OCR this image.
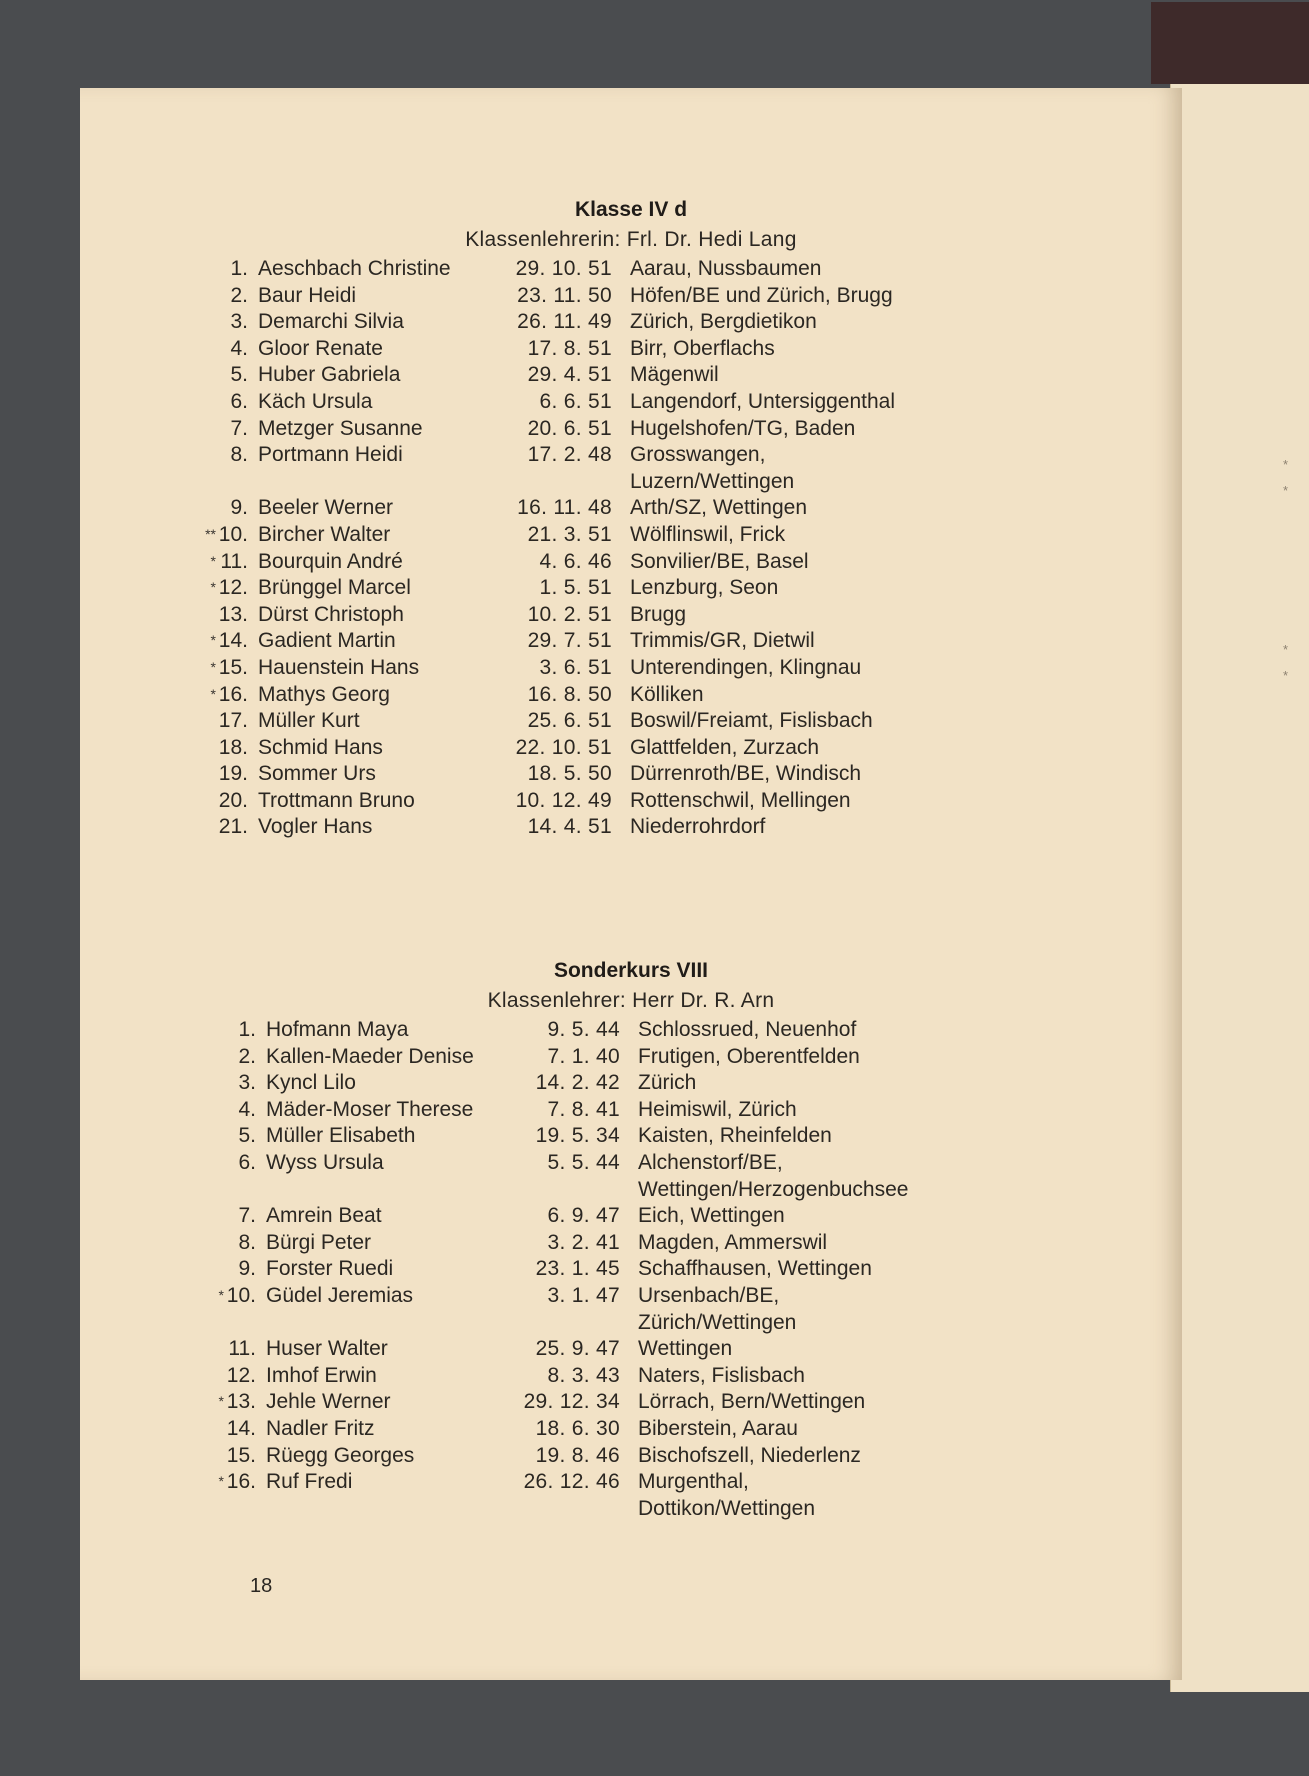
*
*
*
*
Klasse IV d
Klassenlehrerin: Frl. Dr. Hedi Lang
1. Aeschbach Christine	29. 10. 51 Aarau, Nussbaumen
2. Baur Heidi	23. 11. 50 Höfen/BE und Zürich, Brugg
3. Demarchi Silvia	26. 11. 49 Zürich, Bergdietikon
4. Gloor Renate	17. 8. 51 Birr, Oberflachs
5. Huber Gabriela	29. 4. 51 Mägenwil
6. Käch Ursula	6. 6. 51 Langendorf, Untersiggenthal
7. Metzger Susanne	20. 6. 51 Hugelshofen/TG, Baden
8. Portmann Heidi	17. 2. 48 Grosswangen,
Luzern/Wettingen
9. Beeler Werner	16. 11. 48 Arth/SZ, Wettingen
** 10. Bircher Walter	21. 3. 51 Wölflinswil, Frick
* 11. Bourquin André	4. 6. 46 Sonvilier/BE, Basel
* 12. Brünggel Marcel	1. 5. 51 Lenzburg, Seon
13. Dürst Christoph	10. 2. 51 Brugg
* 14. Gadient Martin	29. 7. 51 Trimmis/GR, Dietwil
* 15. Hauenstein Hans	3. 6. 51 Unterendingen, Klingnau
* 16. Mathys Georg	16. 8. 50 Kölliken
17. Müller Kurt	25. 6. 51 Boswil/Freiamt, Fislisbach
18. Schmid Hans	22. 10. 51 Glattfelden, Zurzach
19. Sommer Urs	18. 5. 50 Dürrenroth/BE, Windisch
20. Trottmann Bruno	10. 12. 49 Rottenschwil, Mellingen
21. Vogler Hans	14. 4. 51 Niederrohrdorf
Sonderkurs VIII
Klassenlehrer: Herr Dr. R. Arn
1. Hofmann Maya	9. 5. 44 Schlossrued, Neuenhof
2. Kallen-Maeder Denise	7. 1. 40 Frutigen, Oberentfelden
3. Kyncl Lilo	14. 2. 42 Zürich
4. Mäder-Moser Therese	7. 8. 41 Heimiswil, Zürich
5. Müller Elisabeth	19. 5. 34 Kaisten, Rheinfelden
6. Wyss Ursula	5. 5. 44 Alchenstorf/BE,
Wettingen/Herzogenbuchsee
7. Amrein Beat	6. 9. 47 Eich, Wettingen
8. Bürgi Peter	3. 2. 41 Magden, Ammerswil
9. Forster Ruedi	23. 1. 45 Schaffhausen, Wettingen
* 10. Güdel Jeremias	3. 1. 47 Ursenbach/BE,
Zürich/Wettingen
11. Huser Walter	25. 9. 47 Wettingen
12. Imhof Erwin	8. 3. 43 Naters, Fislisbach
* 13. Jehle Werner	29. 12. 34 Lörrach, Bern/Wettingen
14. Nadler Fritz	18. 6. 30 Biberstein, Aarau
15. Rüegg Georges	19. 8. 46 Bischofszell, Niederlenz
* 16. Ruf Fredi	26. 12. 46 Murgenthal,
Dottikon/Wettingen
18
